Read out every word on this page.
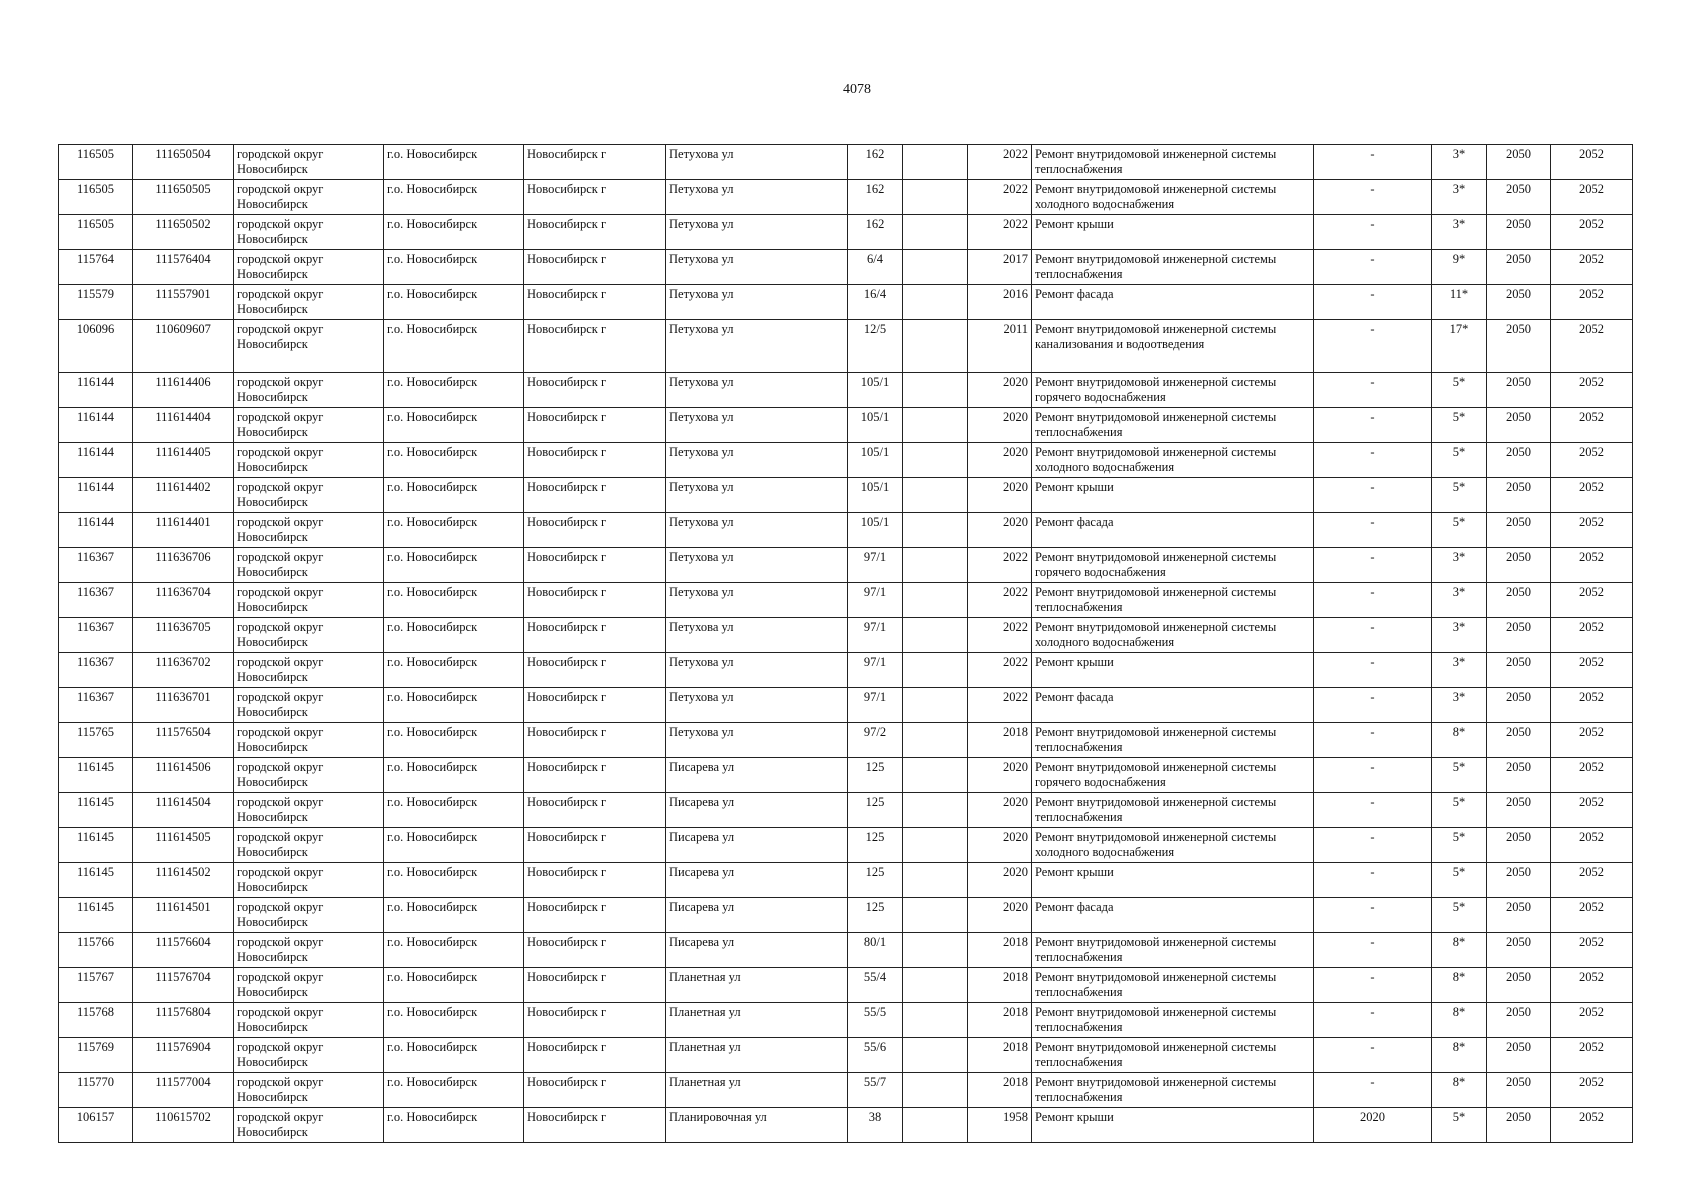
4078
116505	111650504	городской округ Новосибирск	г.о. Новосибирск	Новосибирск г	Петухова ул	162		2022	Ремонт внутридомовой инженерной системы теплоснабжения	-	3*	2050	2052
116505	111650505	городской округ Новосибирск	г.о. Новосибирск	Новосибирск г	Петухова ул	162		2022	Ремонт внутридомовой инженерной системы холодного водоснабжения	-	3*	2050	2052
116505	111650502	городской округ Новосибирск	г.о. Новосибирск	Новосибирск г	Петухова ул	162		2022	Ремонт крыши	-	3*	2050	2052
115764	111576404	городской округ Новосибирск	г.о. Новосибирск	Новосибирск г	Петухова ул	6/4		2017	Ремонт внутридомовой инженерной системы теплоснабжения	-	9*	2050	2052
115579	111557901	городской округ Новосибирск	г.о. Новосибирск	Новосибирск г	Петухова ул	16/4		2016	Ремонт фасада	-	11*	2050	2052
106096	110609607	городской округ Новосибирск	г.о. Новосибирск	Новосибирск г	Петухова ул	12/5		2011	Ремонт внутридомовой инженерной системы канализования и водоотведения	-	17*	2050	2052
116144	111614406	городской округ Новосибирск	г.о. Новосибирск	Новосибирск г	Петухова ул	105/1		2020	Ремонт внутридомовой инженерной системы горячего водоснабжения	-	5*	2050	2052
116144	111614404	городской округ Новосибирск	г.о. Новосибирск	Новосибирск г	Петухова ул	105/1		2020	Ремонт внутридомовой инженерной системы теплоснабжения	-	5*	2050	2052
116144	111614405	городской округ Новосибирск	г.о. Новосибирск	Новосибирск г	Петухова ул	105/1		2020	Ремонт внутридомовой инженерной системы холодного водоснабжения	-	5*	2050	2052
116144	111614402	городской округ Новосибирск	г.о. Новосибирск	Новосибирск г	Петухова ул	105/1		2020	Ремонт крыши	-	5*	2050	2052
116144	111614401	городской округ Новосибирск	г.о. Новосибирск	Новосибирск г	Петухова ул	105/1		2020	Ремонт фасада	-	5*	2050	2052
116367	111636706	городской округ Новосибирск	г.о. Новосибирск	Новосибирск г	Петухова ул	97/1		2022	Ремонт внутридомовой инженерной системы горячего водоснабжения	-	3*	2050	2052
116367	111636704	городской округ Новосибирск	г.о. Новосибирск	Новосибирск г	Петухова ул	97/1		2022	Ремонт внутридомовой инженерной системы теплоснабжения	-	3*	2050	2052
116367	111636705	городской округ Новосибирск	г.о. Новосибирск	Новосибирск г	Петухова ул	97/1		2022	Ремонт внутридомовой инженерной системы холодного водоснабжения	-	3*	2050	2052
116367	111636702	городской округ Новосибирск	г.о. Новосибирск	Новосибирск г	Петухова ул	97/1		2022	Ремонт крыши	-	3*	2050	2052
116367	111636701	городской округ Новосибирск	г.о. Новосибирск	Новосибирск г	Петухова ул	97/1		2022	Ремонт фасада	-	3*	2050	2052
115765	111576504	городской округ Новосибирск	г.о. Новосибирск	Новосибирск г	Петухова ул	97/2		2018	Ремонт внутридомовой инженерной системы теплоснабжения	-	8*	2050	2052
116145	111614506	городской округ Новосибирск	г.о. Новосибирск	Новосибирск г	Писарева ул	125		2020	Ремонт внутридомовой инженерной системы горячего водоснабжения	-	5*	2050	2052
116145	111614504	городской округ Новосибирск	г.о. Новосибирск	Новосибирск г	Писарева ул	125		2020	Ремонт внутридомовой инженерной системы теплоснабжения	-	5*	2050	2052
116145	111614505	городской округ Новосибирск	г.о. Новосибирск	Новосибирск г	Писарева ул	125		2020	Ремонт внутридомовой инженерной системы холодного водоснабжения	-	5*	2050	2052
116145	111614502	городской округ Новосибирск	г.о. Новосибирск	Новосибирск г	Писарева ул	125		2020	Ремонт крыши	-	5*	2050	2052
116145	111614501	городской округ Новосибирск	г.о. Новосибирск	Новосибирск г	Писарева ул	125		2020	Ремонт фасада	-	5*	2050	2052
115766	111576604	городской округ Новосибирск	г.о. Новосибирск	Новосибирск г	Писарева ул	80/1		2018	Ремонт внутридомовой инженерной системы теплоснабжения	-	8*	2050	2052
115767	111576704	городской округ Новосибирск	г.о. Новосибирск	Новосибирск г	Планетная ул	55/4		2018	Ремонт внутридомовой инженерной системы теплоснабжения	-	8*	2050	2052
115768	111576804	городской округ Новосибирск	г.о. Новосибирск	Новосибирск г	Планетная ул	55/5		2018	Ремонт внутридомовой инженерной системы теплоснабжения	-	8*	2050	2052
115769	111576904	городской округ Новосибирск	г.о. Новосибирск	Новосибирск г	Планетная ул	55/6		2018	Ремонт внутридомовой инженерной системы теплоснабжения	-	8*	2050	2052
115770	111577004	городской округ Новосибирск	г.о. Новосибирск	Новосибирск г	Планетная ул	55/7		2018	Ремонт внутридомовой инженерной системы теплоснабжения	-	8*	2050	2052
106157	110615702	городской округ Новосибирск	г.о. Новосибирск	Новосибирск г	Планировочная ул	38		1958	Ремонт крыши	2020	5*	2050	2052
